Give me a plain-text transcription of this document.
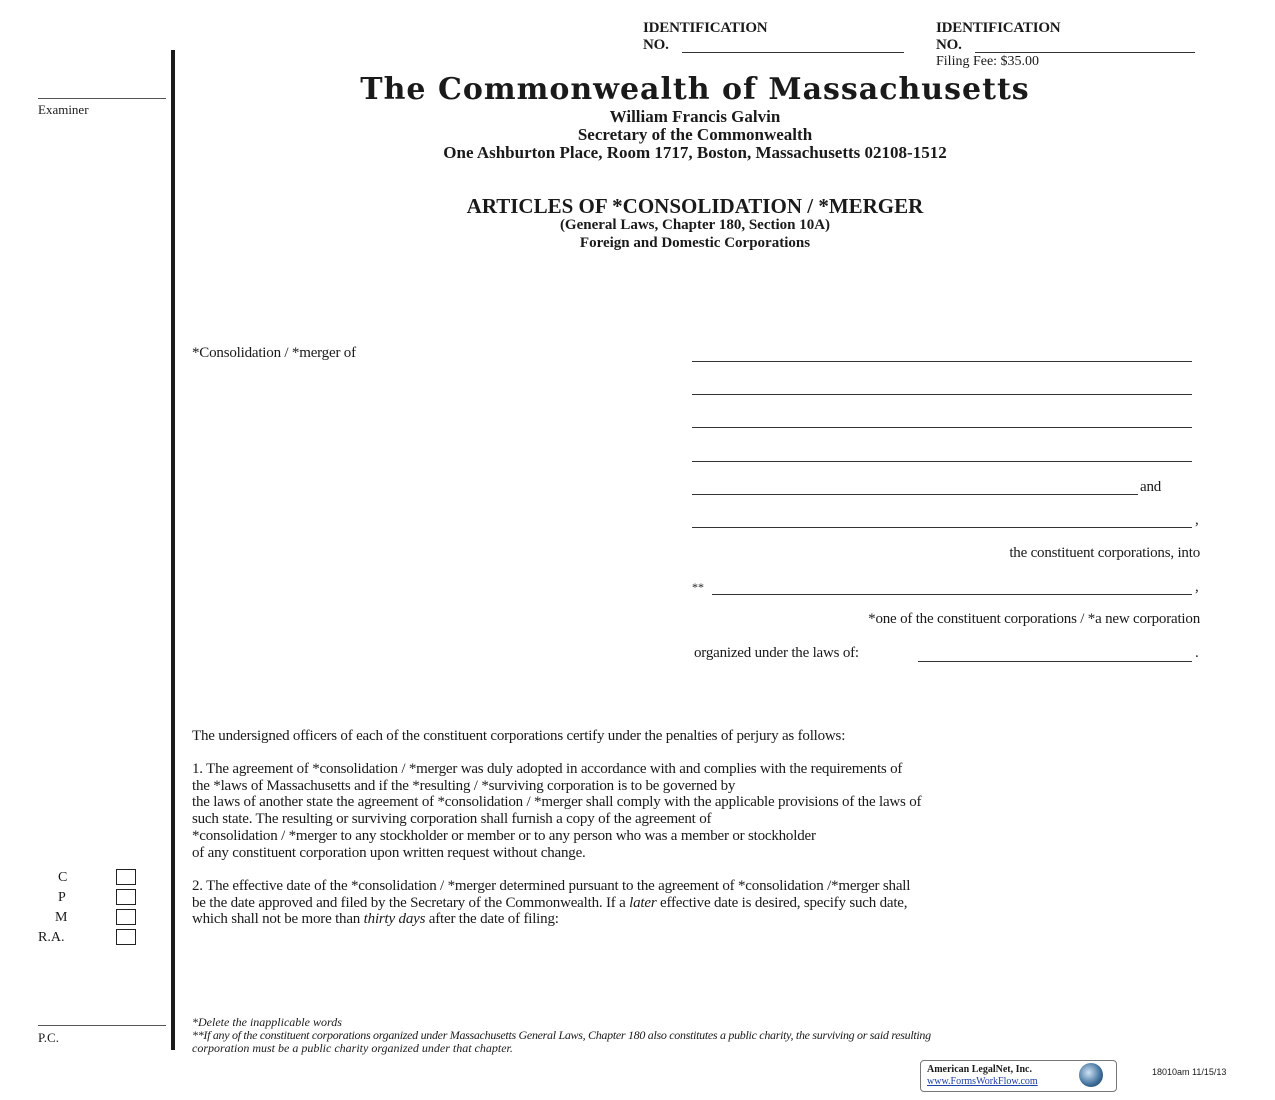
IDENTIFICATION
NO.
IDENTIFICATION
NO.
Filing Fee: $35.00
Examiner
C
P
M
R.A.
P.C.
The Commonwealth of Massachusetts
William Francis Galvin
Secretary of the Commonwealth
One Ashburton Place, Room 1717, Boston, Massachusetts 02108-1512
ARTICLES OF *CONSOLIDATION / *MERGER
(General Laws, Chapter 180, Section 10A)
Foreign and Domestic Corporations
*Consolidation / *merger of
and
,
the constituent corporations, into
**	,
*one of the constituent corporations / *a new corporation
organized under the laws of:	.
The undersigned officers of each of the constituent corporations certify under the penalties of perjury as follows:
1. The agreement of *consolidation / *merger was duly adopted in accordance with and complies with the requirements of
the *laws of Massachusetts and if the *resulting / *surviving corporation is to be governed by
the laws of another state the agreement of *consolidation / *merger shall comply with the applicable provisions of the laws of
such state. The resulting or surviving corporation shall furnish a copy of the agreement of
*consolidation / *merger to any stockholder or member or to any person who was a member or stockholder
of any constituent corporation upon written request without change.
2. The effective date of the *consolidation / *merger determined pursuant to the agreement of *consolidation /*merger shall
be the date approved and filed by the Secretary of the Commonwealth. If a later effective date is desired, specify such date,
which shall not be more than thirty days after the date of filing:
*Delete the inapplicable words
**If any of the constituent corporations organized under Massachusetts General Laws, Chapter 180 also constitutes a public charity, the surviving or said resulting
corporation must be a public charity organized under that chapter.
American LegalNet, Inc.
www.FormsWorkFlow.com
18010am 11/15/13
